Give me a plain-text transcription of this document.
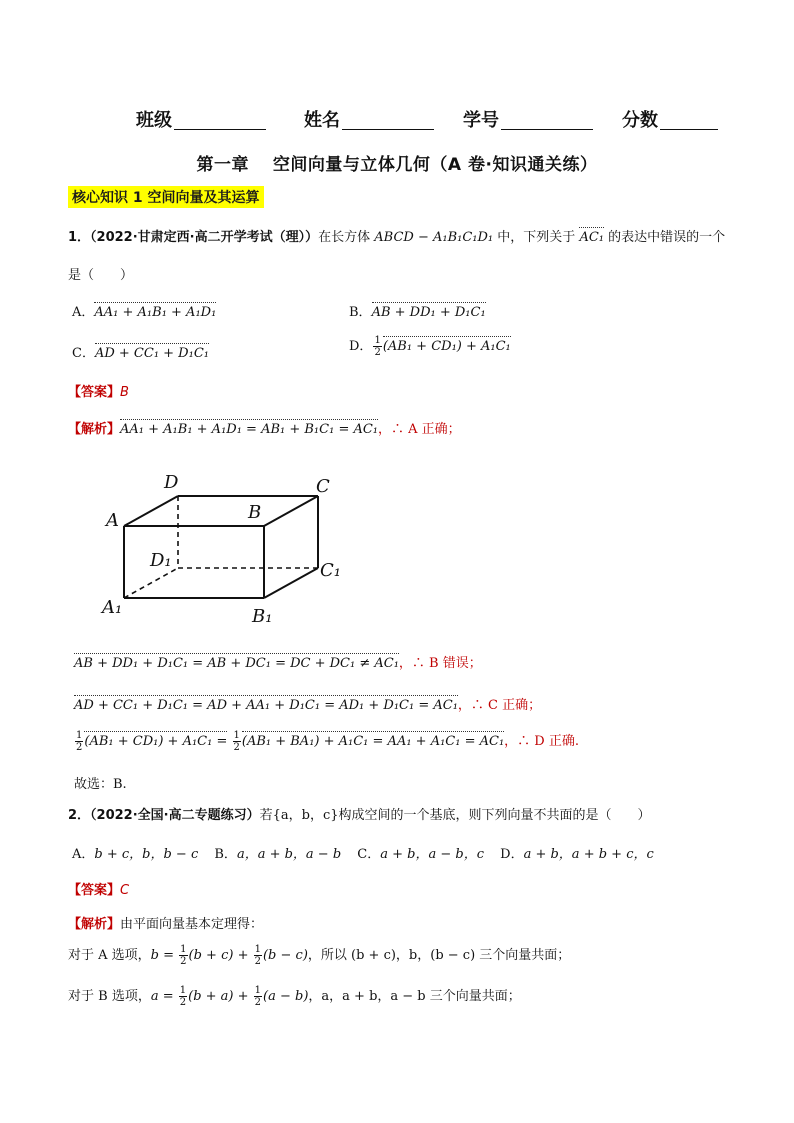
班级	姓名	学号	分数
第一章　 空间向量与立体几何（A 卷·知识通关练）
核心知识 1 空间向量及其运算
1．（2022·甘肃定西·高二开学考试（理））在长方体 ABCD − A₁B₁C₁D₁ 中，下列关于 AC₁ 的表达中错误的一个
是（　　）
A．AA₁ + A₁B₁ + A₁D₁	B．AB + DD₁ + D₁C₁
C．AD + CC₁ + D₁C₁	D． $\frac{1}{2} (AB_1 + CD_1) + A_1C_1$
【答案】B
【解析】AA₁ + A₁B₁ + A₁D₁ = AB₁ + B₁C₁ = AC₁，∴ A 正确；
D	C
A	B
D₁	C₁
A₁	B₁
AB + DD₁ + D₁C₁ = AB + DC₁ = DC + DC₁ ≠ AC₁，∴ B 错误；
AD + CC₁ + D₁C₁ = AD + AA₁ + D₁C₁ = AD₁ + D₁C₁ = AC₁，∴ C 正确；
$\frac{1}{2} (AB_1 + CD_1) + A_1C_1 = \frac{1}{2} (AB_1 + BA_1) + A_1C_1 = AA_1 + A_1C_1 = AC_1$，∴ D 正确.
故选：B.
2．（2022·全国·高二专题练习）若{a，b，c}构成空间的一个基底，则下列向量不共面的是（　　）
A．b + c，b，b − c B．a，a + b，a − b C．a + b，a − b，c D．a + b，a + b + c，c
【答案】C
【解析】由平面向量基本定理得：
对于 A 选项，$b = \frac{1}{2} (b + c) + \frac{1}{2} (b - c)$，所以 (b + c)，b，(b − c) 三个向量共面；
对于 B 选项，$a = \frac{1}{2} (b + a) + \frac{1}{2} (a - b)$，a，a + b，a − b 三个向量共面；
